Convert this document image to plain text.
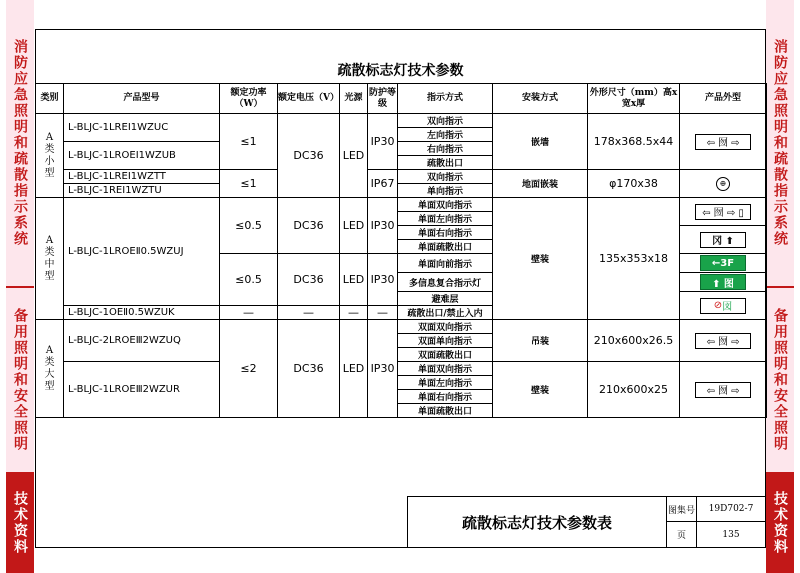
消防应急照明和疏散指示系统
备用照明和安全照明
技术资料
消防应急照明和疏散指示系统
备用照明和安全照明
技术资料
疏散标志灯技术参数
类别	产品型号	额定功率（W）	额定电压（V）	光源	防护等级	指示方式	安装方式	外形尺寸（mm）高x宽x厚	产品外型

A类小型	L-BLJC-1LREⅠ1WZUC	≤1	DC36	LED	IP30	双向指示	嵌墙	178x368.5x44	⇦ 囫 ⇨
						左向指示			
	L-BLJC-1LROEⅠ1WZUB					右向指示			
						疏散出口			
	L-BLJC-1LREⅠ1WZTT	≤1			IP67	双向指示	地面嵌装	φ170x38	⊕
	L-BLJC-1REⅠ1WZTU					单向指示			

A类中型	L-BLJC-1LROEⅡ0.5WZUJ	≤0.5	DC36	LED	IP30	单面双向指示	壁装	135x353x18	⇦ 囫 ⇨ ▯
						单面左向指示			
						单面右向指示			冈 ⬆
						单面疏散出口			
		≤0.5	DC36	LED	IP30	单面向前指示			← 3F

						多信息复合指示灯			⬆ 图
						避难层			⊘ 図

	L-BLJC-1OEⅡ0.5WZUK	—	—	—	—	疏散出口/禁止入内			

A类大型	L-BLJC-2LROEⅢ2WZUQ	≤2	DC36	LED	IP30	双面双向指示	吊装	210x600x26.5	⇦ 囫 ⇨
						双面单向指示			
						双面疏散出口			
	L-BLJC-1LROEⅢ2WZUR					单面双向指示	壁装	210x600x25	⇦ 囫 ⇨
						单面左向指示			
						单面右向指示			
						单面疏散出口			
疏散标志灯技术参数表
图集号	19D702-7
页	135
